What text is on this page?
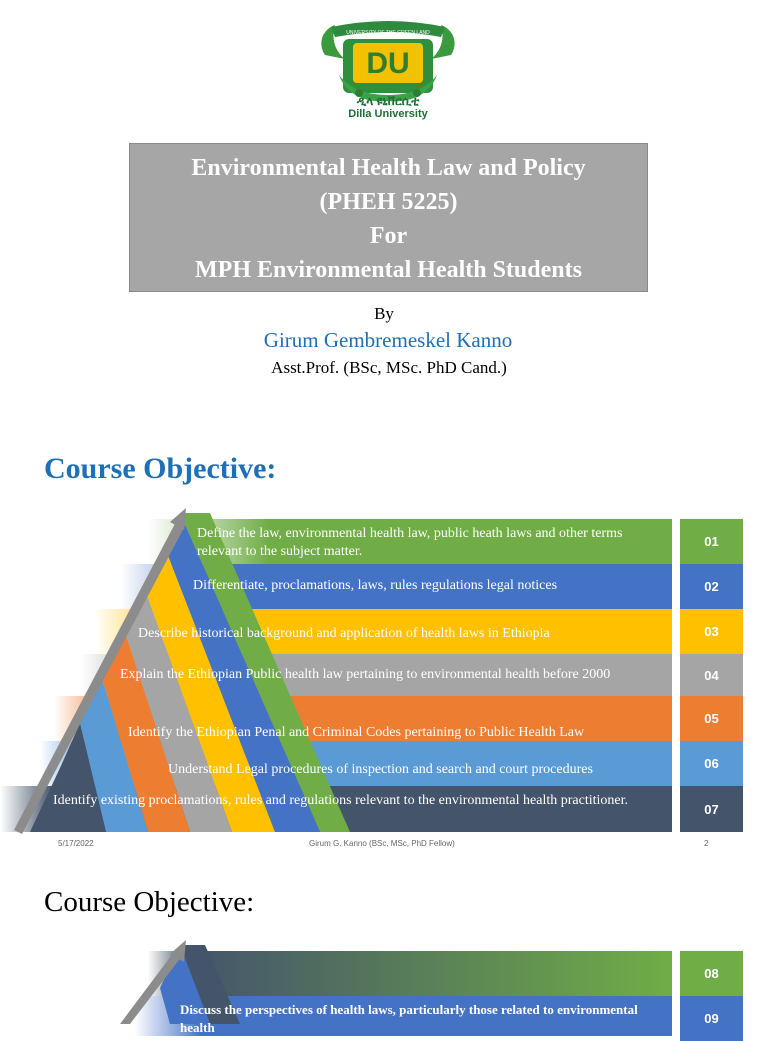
UNIVERSITY OF THE GREEN LAND
DU
ዲላ ዩኒቨርሲቲ
Dilla University
Environmental Health Law and Policy
(PHEH 5225)
For
MPH Environmental Health Students
By
Girum Gembremeskel Kanno
Asst.Prof. (BSc, MSc. PhD Cand.)
Course Objective:
Define the law, environmental health law, public heath laws and other terms relevant to the subject matter.
Differentiate, proclamations, laws, rules regulations legal notices
Describe historical background and application of health laws in Ethiopia
Explain the Ethiopian Public health law pertaining to environmental health before 2000
Identify the Ethiopian Penal and Criminal Codes pertaining to Public Health Law
Understand Legal procedures of inspection and search and court procedures
Identify existing proclamations, rules and regulations relevant to the environmental health practitioner.
01
02
03
04
05
06
07
5/17/2022	Girum G. Kanno (BSc, MSc, PhD Fellow)	2
Course Objective:
Discuss the perspectives of health laws, particularly those related to environmental health
08
09
